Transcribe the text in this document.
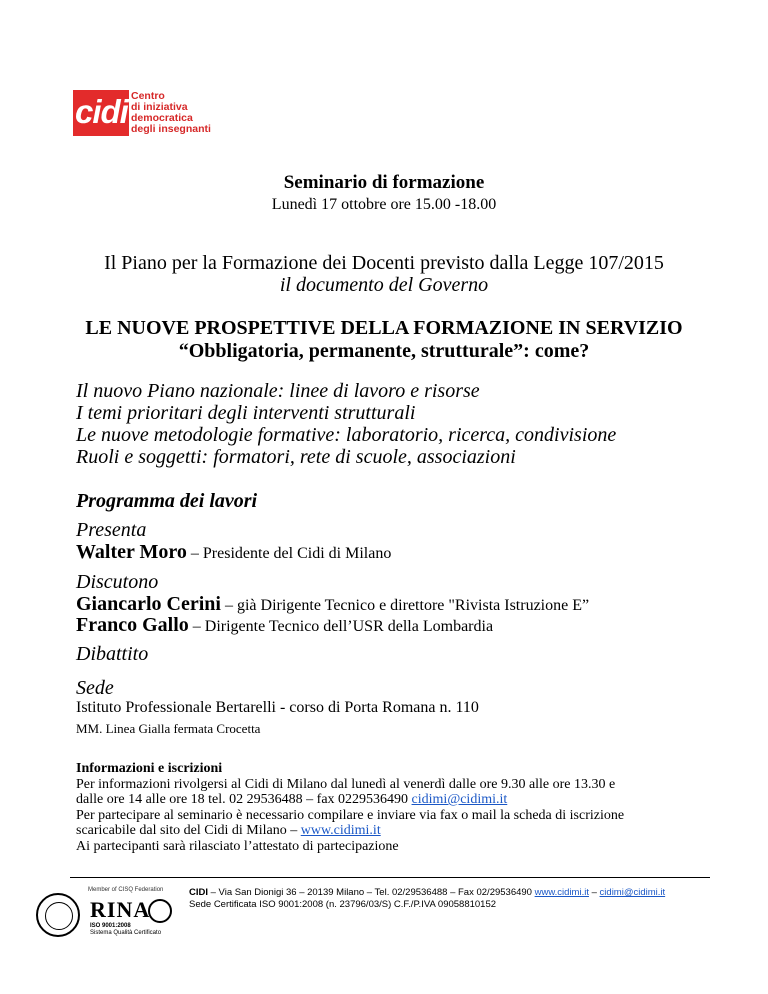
cidi Centro
di iniziativa
democratica
degli insegnanti
Seminario di formazione
Lunedì 17 ottobre ore 15.00 -18.00
Il Piano per la Formazione dei Docenti previsto dalla Legge 107/2015
il documento del Governo
LE NUOVE PROSPETTIVE DELLA FORMAZIONE IN SERVIZIO
“Obbligatoria, permanente, strutturale”: come?
Il nuovo Piano nazionale: linee di lavoro e risorse
I temi prioritari degli interventi strutturali
Le nuove metodologie formative: laboratorio, ricerca, condivisione
Ruoli e soggetti: formatori, rete di scuole, associazioni
Programma dei lavori
Presenta
Walter Moro – Presidente del Cidi di Milano
Discutono
Giancarlo Cerini – già Dirigente Tecnico e direttore "Rivista Istruzione E”
Franco Gallo – Dirigente Tecnico dell’USR della Lombardia
Dibattito
Sede
Istituto Professionale Bertarelli - corso di Porta Romana n. 110
MM. Linea Gialla fermata Crocetta
Informazioni e iscrizioni
Per informazioni rivolgersi al Cidi di Milano dal lunedì al venerdì dalle ore 9.30 alle ore 13.30 e
dalle ore 14 alle ore 18 tel. 02 29536488 – fax 0229536490 cidimi@cidimi.it
Per partecipare al seminario è necessario compilare e inviare via fax o mail la scheda di iscrizione
scaricabile dal sito del Cidi di Milano – www.cidimi.it
Ai partecipanti sarà rilasciato l’attestato di partecipazione
Member of CISQ Federation
RINA
ISO 9001:2008
Sistema Qualità Certificato
CIDI – Via San Dionigi 36 – 20139 Milano – Tel. 02/29536488 – Fax 02/29536490 www.cidimi.it – cidimi@cidimi.it
Sede Certificata ISO 9001:2008 (n. 23796/03/S) C.F./P.IVA 09058810152
